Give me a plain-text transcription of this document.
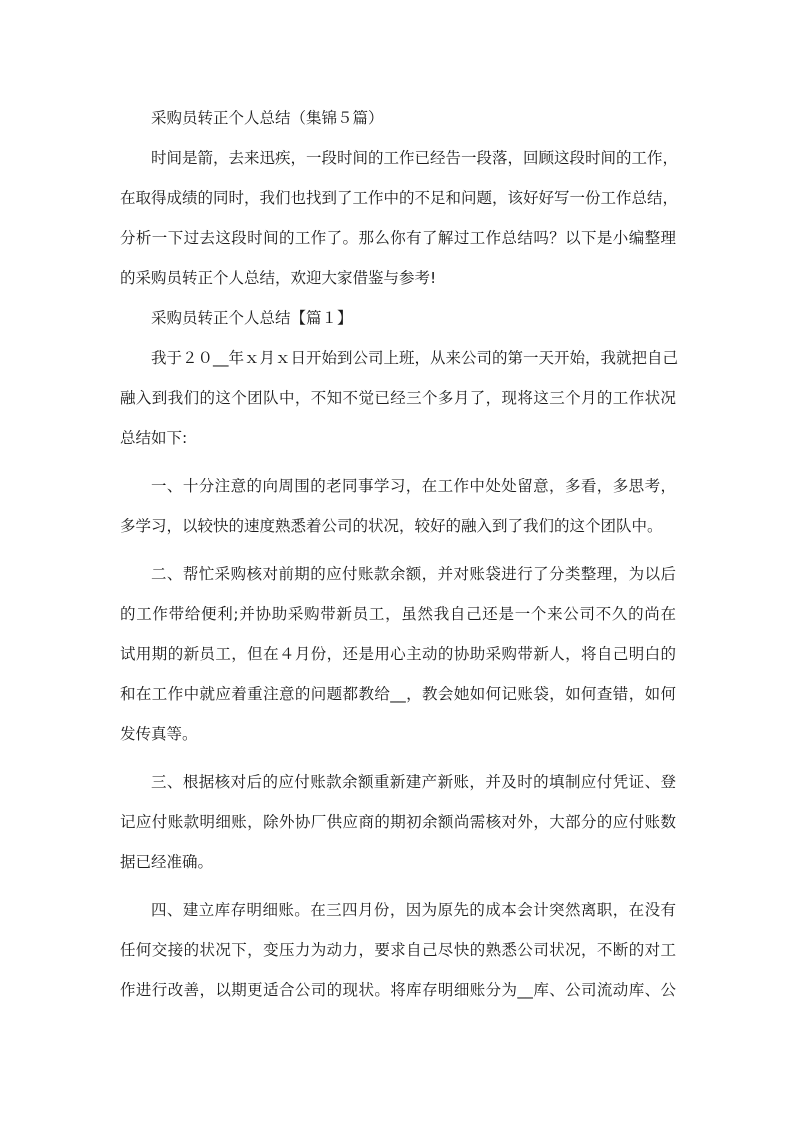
采购员转正个人总结（集锦５篇）
时间是箭，去来迅疾，一段时间的工作已经告一段落，回顾这段时间的工作，
在取得成绩的同时，我们也找到了工作中的不足和问题，该好好写一份工作总结，
分析一下过去这段时间的工作了。那么你有了解过工作总结吗？以下是小编整理
的采购员转正个人总结，欢迎大家借鉴与参考!
采购员转正个人总结【篇１】
我于２０__年ｘ月ｘ日开始到公司上班，从来公司的第一天开始，我就把自己
融入到我们的这个团队中，不知不觉已经三个多月了，现将这三个月的工作状况
总结如下:
一、十分注意的向周围的老同事学习，在工作中处处留意，多看，多思考，
多学习，以较快的速度熟悉着公司的状况，较好的融入到了我们的这个团队中。
二、帮忙采购核对前期的应付账款余额，并对账袋进行了分类整理，为以后
的工作带给便利;并协助采购带新员工，虽然我自己还是一个来公司不久的尚在
试用期的新员工，但在４月份，还是用心主动的协助采购带新人，将自己明白的
和在工作中就应着重注意的问题都教给__，教会她如何记账袋，如何查错，如何
发传真等。
三、根据核对后的应付账款余额重新建产新账，并及时的填制应付凭证、登
记应付账款明细账，除外协厂供应商的期初余额尚需核对外，大部分的应付账数
据已经准确。
四、建立库存明细账。在三四月份，因为原先的成本会计突然离职，在没有
任何交接的状况下，变压力为动力，要求自己尽快的熟悉公司状况，不断的对工
作进行改善，以期更适合公司的现状。将库存明细账分为__库、公司流动库、公
